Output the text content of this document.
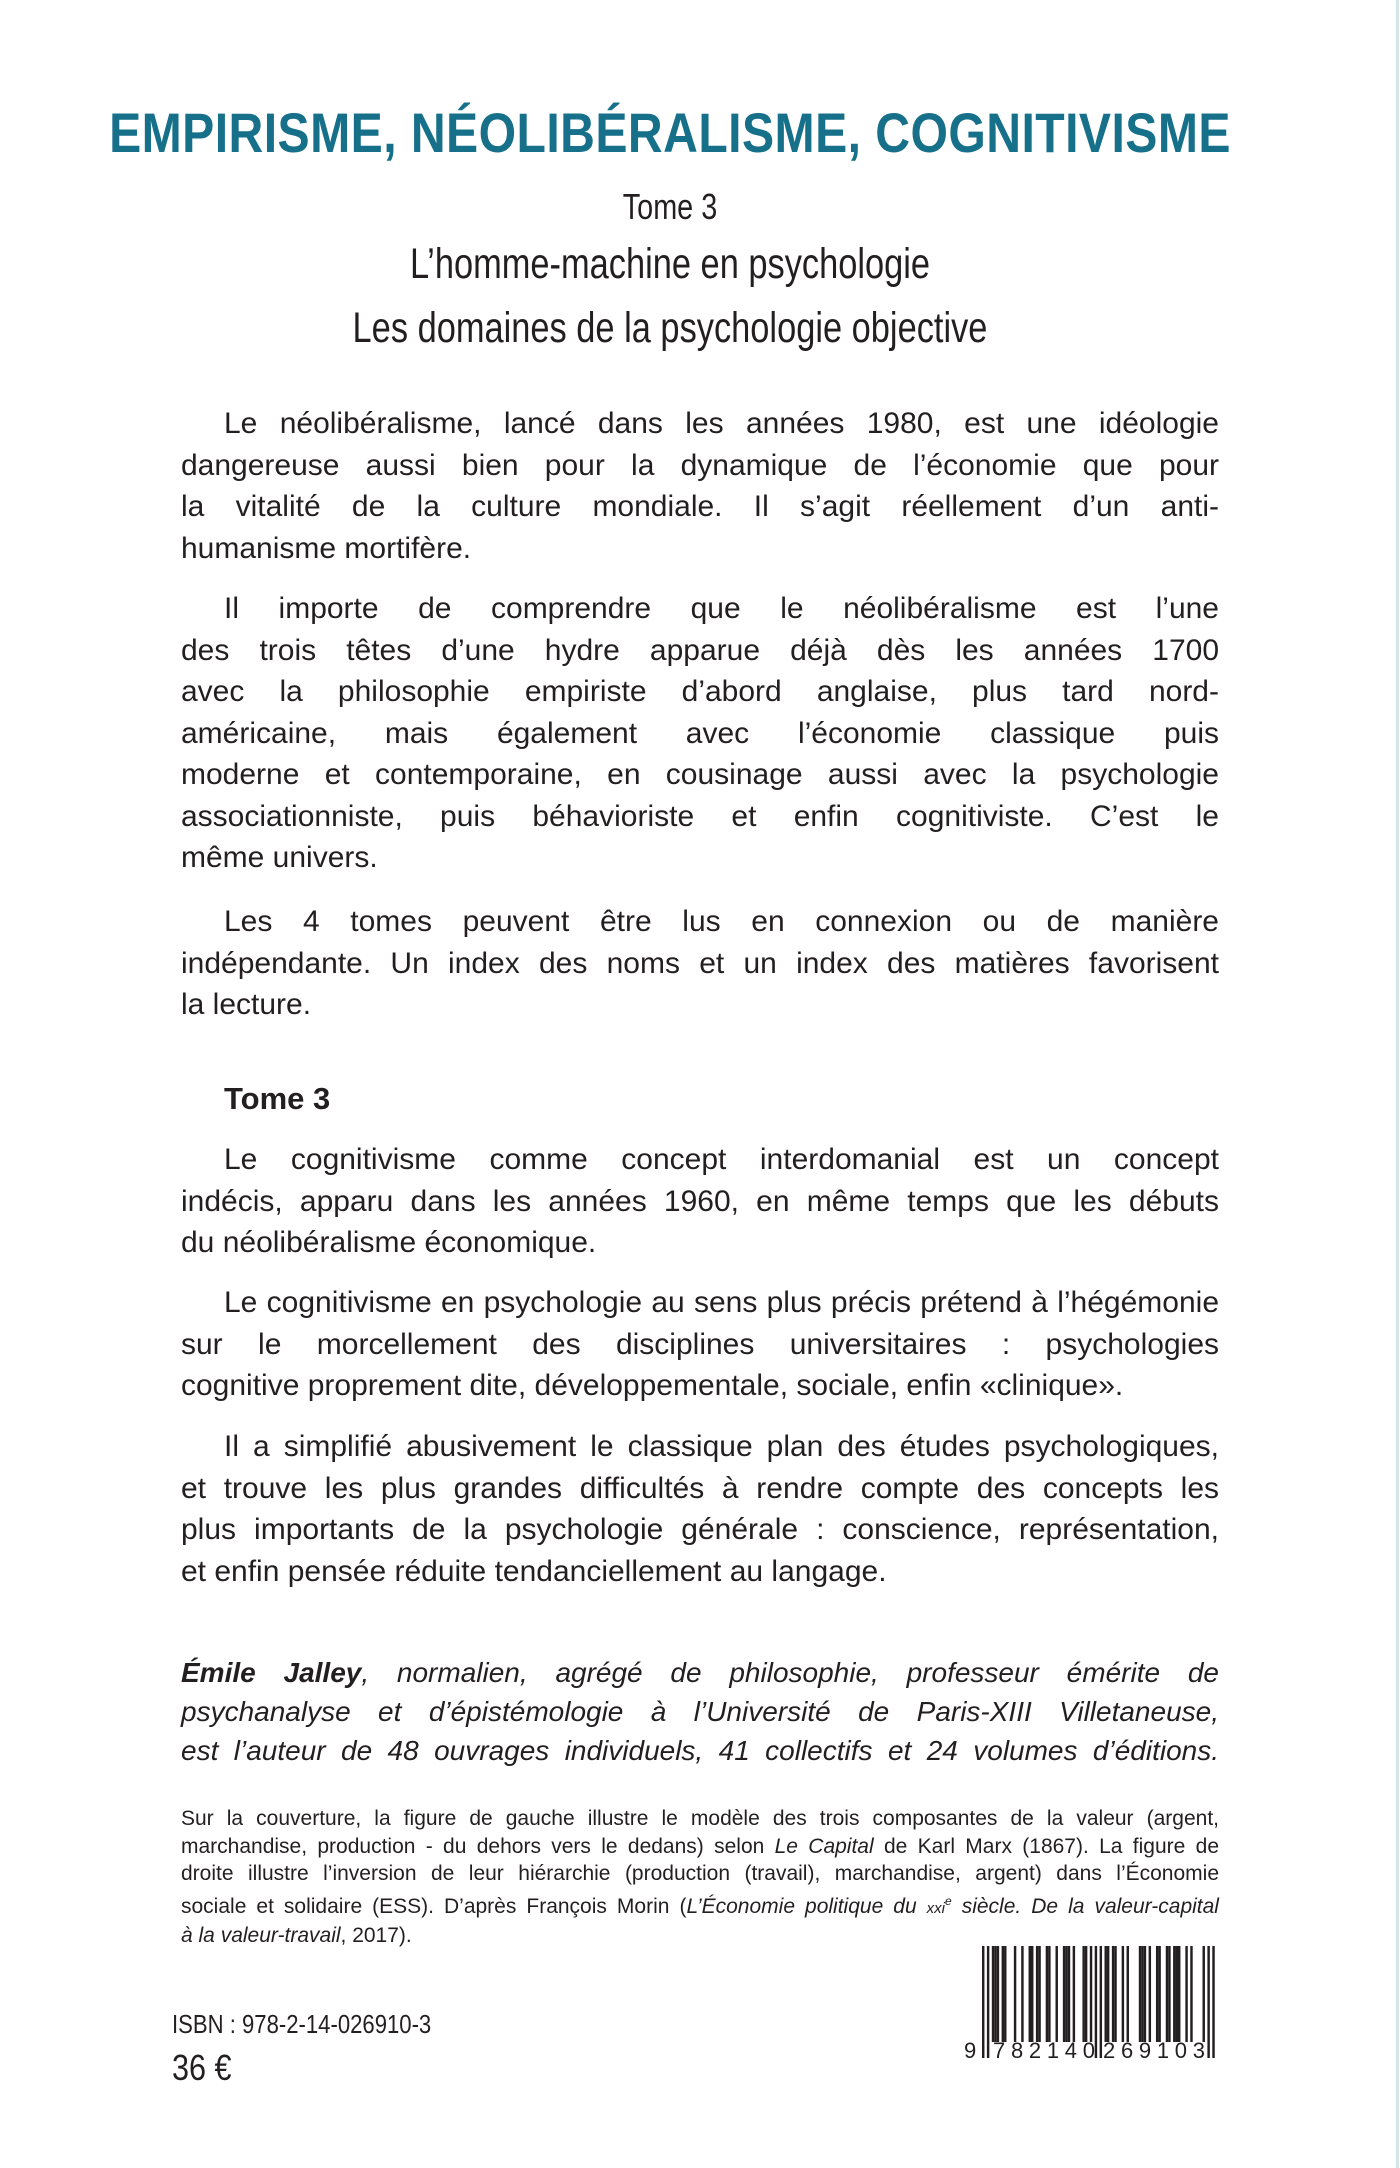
EMPIRISME, NÉOLIBÉRALISME, COGNITIVISME
Tome 3
L’homme-machine en psychologie
Les domaines de la psychologie objective
Le néolibéralisme, lancé dans les années 1980, est une idéologie
dangereuse aussi bien pour la dynamique de l’économie que pour
la vitalité de la culture mondiale. Il s’agit réellement d’un anti-
humanisme mortifère.
Il importe de comprendre que le néolibéralisme est l’une
des trois têtes d’une hydre apparue déjà dès les années 1700
avec la philosophie empiriste d’abord anglaise, plus tard nord-
américaine, mais également avec l’économie classique puis
moderne et contemporaine, en cousinage aussi avec la psychologie
associationniste, puis béhavioriste et enfin cognitiviste. C’est le
même univers.
Les 4 tomes peuvent être lus en connexion ou de manière
indépendante. Un index des noms et un index des matières favorisent
la lecture.
Tome 3
Le cognitivisme comme concept interdomanial est un concept
indécis, apparu dans les années 1960, en même temps que les débuts
du néolibéralisme économique.
Le cognitivisme en psychologie au sens plus précis prétend à l’hégémonie
sur le morcellement des disciplines universitaires : psychologies
cognitive proprement dite, développementale, sociale, enfin «clinique».
Il a simplifié abusivement le classique plan des études psychologiques,
et trouve les plus grandes difficultés à rendre compte des concepts les
plus importants de la psychologie générale : conscience, représentation,
et enfin pensée réduite tendanciellement au langage.
Émile Jalley, normalien, agrégé de philosophie, professeur émérite de
psychanalyse et d’épistémologie à l’Université de Paris-XIII Villetaneuse,
est l’auteur de 48 ouvrages individuels, 41 collectifs et 24 volumes d’éditions.
Sur la couverture, la figure de gauche illustre le modèle des trois composantes de la valeur (argent,
marchandise, production - du dehors vers le dedans) selon Le Capital de Karl Marx (1867). La figure de
droite illustre l’inversion de leur hiérarchie (production (travail), marchandise, argent) dans l’Économie
sociale et solidaire (ESS). D’après François Morin (L’Économie politique du xxi$^e$ siècle. De la valeur-capital
à la valeur-travail, 2017).
ISBN : 978-2-14-026910-3
36 €	9 782140 269103
